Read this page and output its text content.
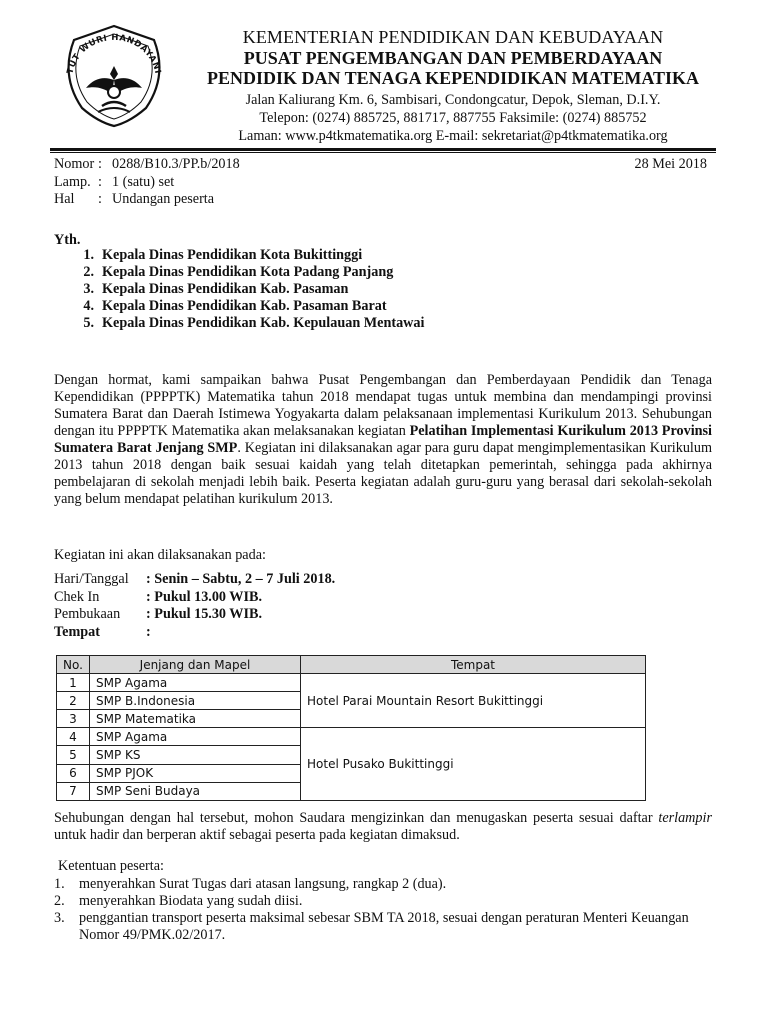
TUT WURI HANDAYANI
KEMENTERIAN PENDIDIKAN DAN KEBUDAYAAN
PUSAT PENGEMBANGAN DAN PEMBERDAYAAN
PENDIDIK DAN TENAGA KEPENDIDIKAN MATEMATIKA
Jalan Kaliurang Km. 6, Sambisari, Condongcatur, Depok, Sleman, D.I.Y.
Telepon: (0274) 885725, 881717, 887755 Faksimile: (0274) 885752
Laman: www.p4tkmatematika.org E-mail: sekretariat@p4tkmatematika.org
Nomor : 0288/B10.3/PP.b/2018
Lamp. : 1 (satu) set
Hal	: Undangan peserta
28 Mei 2018
Yth.
1. Kepala Dinas Pendidikan Kota Bukittinggi
2. Kepala Dinas Pendidikan Kota Padang Panjang
3. Kepala Dinas Pendidikan Kab. Pasaman
4. Kepala Dinas Pendidikan Kab. Pasaman Barat
5. Kepala Dinas Pendidikan Kab. Kepulauan Mentawai

Dengan hormat, kami sampaikan bahwa Pusat Pengembangan dan Pemberdayaan Pendidik dan Tenaga Kependidikan (PPPPTK) Matematika tahun 2018 mendapat tugas untuk membina dan mendampingi provinsi Sumatera Barat dan Daerah Istimewa Yogyakarta dalam pelaksanaan implementasi Kurikulum 2013. Sehubungan dengan itu PPPPTK Matematika akan melaksanakan kegiatan Pelatihan Implementasi Kurikulum 2013 Provinsi Sumatera Barat Jenjang SMP. Kegiatan ini dilaksanakan agar para guru dapat mengimplementasikan Kurikulum 2013 tahun 2018 dengan baik sesuai kaidah yang telah ditetapkan pemerintah, sehingga pada akhirnya pembelajaran di sekolah menjadi lebih baik. Peserta kegiatan adalah guru-guru yang berasal dari sekolah-sekolah yang belum mendapat pelatihan kurikulum 2013.

Kegiatan ini akan dilaksanakan pada:

Hari/Tanggal	: Senin – Sabtu, 2 – 7 Juli 2018.
Chek In	: Pukul 13.00 WIB.
Pembukaan	: Pukul 15.30 WIB.
Tempat	:
No.	Jenjang dan Mapel	Tempat
1	SMP Agama	Hotel Parai Mountain Resort Bukittinggi
2	SMP B.Indonesia	
3	SMP Matematika	
4	SMP Agama	Hotel Pusako Bukittinggi
5	SMP KS	
6	SMP PJOK	
7	SMP Seni Budaya	

Sehubungan dengan hal tersebut, mohon Saudara mengizinkan dan menugaskan peserta sesuai daftar terlampir untuk hadir dan berperan aktif sebagai peserta pada kegiatan dimaksud.

Ketentuan peserta:
1.	menyerahkan Surat Tugas dari atasan langsung, rangkap 2 (dua).
2.	menyerahkan Biodata yang sudah diisi.
3.	penggantian transport peserta maksimal sebesar SBM TA 2018, sesuai dengan peraturan Menteri Keuangan Nomor 49/PMK.02/2017.
